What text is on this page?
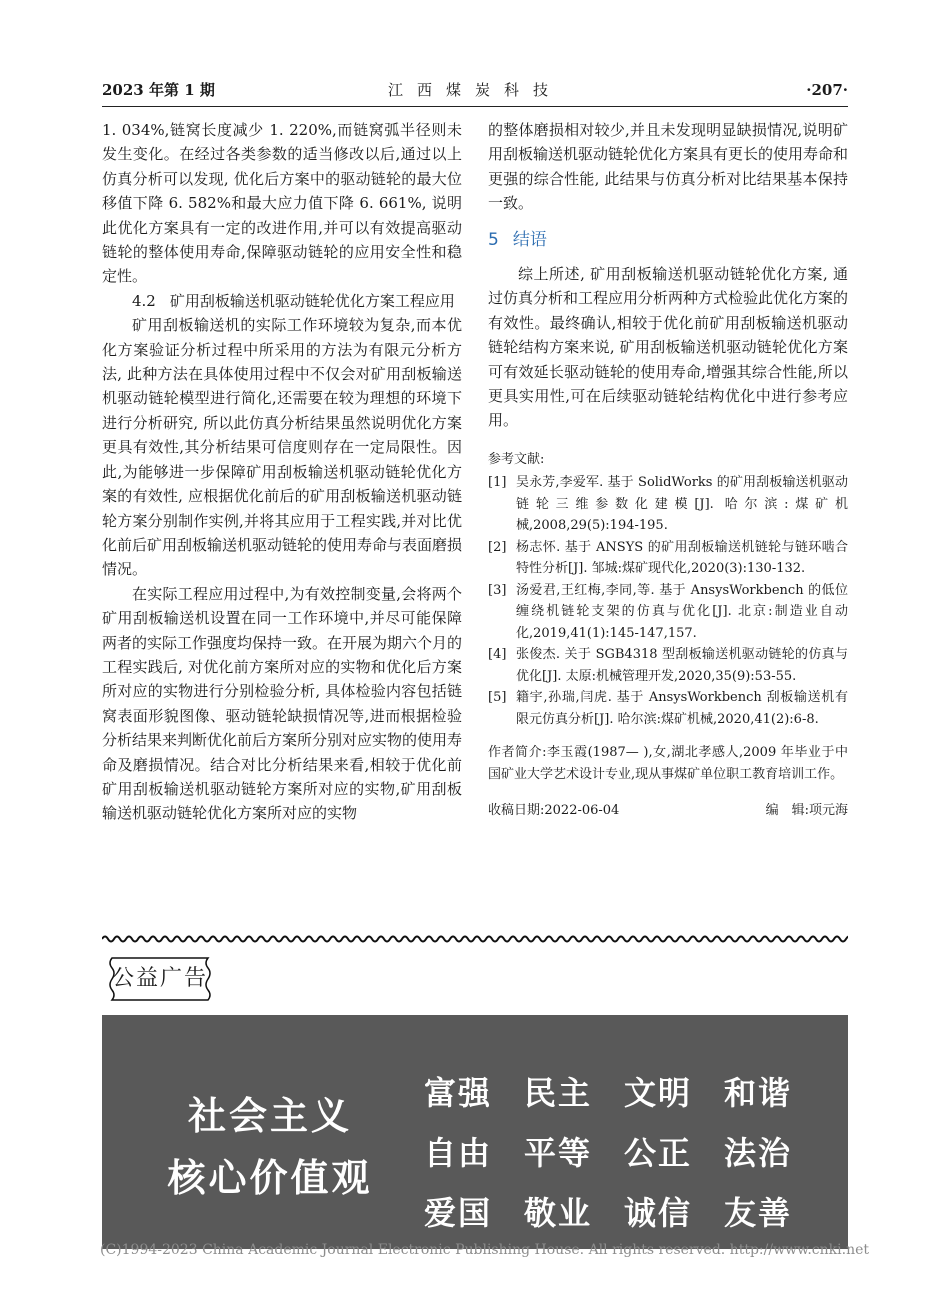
2023 年第 1 期	江西煤炭科技	·207·

1. 034%,链窝长度减少 1. 220%,而链窝弧半径则未发生变化。在经过各类参数的适当修改以后,通过以上仿真分析可以发现, 优化后方案中的驱动链轮的最大位移值下降 6. 582%和最大应力值下降 6. 661%, 说明此优化方案具有一定的改进作用,并可以有效提高驱动链轮的整体使用寿命,保障驱动链轮的应用安全性和稳定性。

4.2 矿用刮板输送机驱动链轮优化方案工程应用

矿用刮板输送机的实际工作环境较为复杂,而本优化方案验证分析过程中所采用的方法为有限元分析方法, 此种方法在具体使用过程中不仅会对矿用刮板输送机驱动链轮模型进行简化,还需要在较为理想的环境下进行分析研究, 所以此仿真分析结果虽然说明优化方案更具有效性,其分析结果可信度则存在一定局限性。因此,为能够进一步保障矿用刮板输送机驱动链轮优化方案的有效性, 应根据优化前后的矿用刮板输送机驱动链轮方案分别制作实例,并将其应用于工程实践,并对比优化前后矿用刮板输送机驱动链轮的使用寿命与表面磨损情况。

在实际工程应用过程中,为有效控制变量,会将两个矿用刮板输送机设置在同一工作环境中,并尽可能保障两者的实际工作强度均保持一致。在开展为期六个月的工程实践后, 对优化前方案所对应的实物和优化后方案所对应的实物进行分别检验分析, 具体检验内容包括链窝表面形貌图像、驱动链轮缺损情况等,进而根据检验分析结果来判断优化前后方案所分别对应实物的使用寿命及磨损情况。结合对比分析结果来看,相较于优化前矿用刮板输送机驱动链轮方案所对应的实物,矿用刮板输送机驱动链轮优化方案所对应的实物

的整体磨损相对较少,并且未发现明显缺损情况,说明矿用刮板输送机驱动链轮优化方案具有更长的使用寿命和更强的综合性能, 此结果与仿真分析对比结果基本保持一致。

5 结语

综上所述, 矿用刮板输送机驱动链轮优化方案, 通过仿真分析和工程应用分析两种方式检验此优化方案的有效性。最终确认,相较于优化前矿用刮板输送机驱动链轮结构方案来说, 矿用刮板输送机驱动链轮优化方案可有效延长驱动链轮的使用寿命,增强其综合性能,所以更具实用性,可在后续驱动链轮结构优化中进行参考应用。

参考文献:
[1] 吴永芳,李爱军. 基于 SolidWorks 的矿用刮板输送机驱动链轮三维参数化建模[J]. 哈尔滨:煤矿机械,2008,29(5):194-195.
[2] 杨志怀. 基于 ANSYS 的矿用刮板输送机链轮与链环啮合特性分析[J]. 邹城:煤矿现代化,2020(3):130-132.
[3] 汤爱君,王红梅,李同,等. 基于 AnsysWorkbench 的低位缠绕机链轮支架的仿真与优化[J]. 北京:制造业自动化,2019,41(1):145-147,157.
[4] 张俊杰. 关于 SGB4318 型刮板输送机驱动链轮的仿真与优化[J]. 太原:机械管理开发,2020,35(9):53-55.
[5] 籍宇,孙瑞,闫虎. 基于 AnsysWorkbench 刮板输送机有限元仿真分析[J]. 哈尔滨:煤矿机械,2020,41(2):6-8.
作者简介:李玉霞(1987— ),女,湖北孝感人,2009 年毕业于中国矿业大学艺术设计专业,现从事煤矿单位职工教育培训工作。
收稿日期:2022-06-04	编　辑:项元海
公益广告
社会主义
核心价值观
富强 民主 文明 和谐
自由 平等 公正 法治
爱国 敬业 诚信 友善
(C)1994-2023 China Academic Journal Electronic Publishing House. All rights reserved. http://www.cnki.net
